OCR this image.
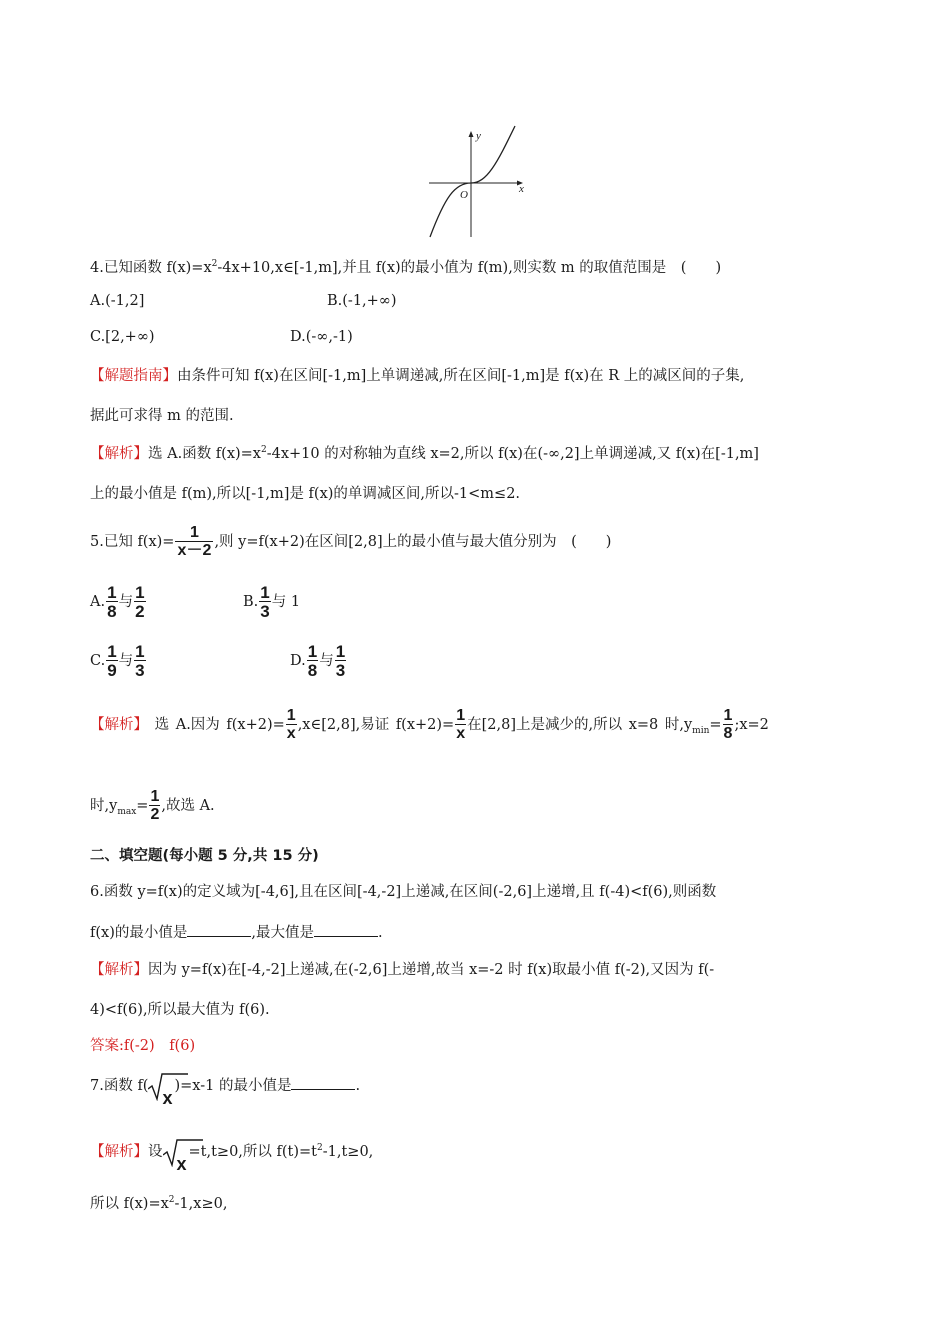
x
y
O
4.已知函数 $f(x)=x^2-4x+10,x\in[-1,m]$,并且 f(x)的最小值为 f(m),则实数 m 的取值范围是　(　　)
A.(-1,2]	B.(-1,+∞)
C.[2,+∞)	D.(-∞,-1)
【解题指南】由条件可知 f(x)在区间[-1,m]上单调递减,所在区间[-1,m]是 f(x)在 R 上的减区间的子集,
据此可求得 m 的范围.
【解析】选 A.函数 $f(x)=x^2-4x+10$ 的对称轴为直线 x=2,所以 f(x)在(-∞,2]上单调递减,又 f(x)在[-1,m]
上的最小值是 f(m),所以[-1,m]是 f(x)的单调减区间,所以-1<m≤2.
5.已知 $f(x)= \frac{1}{x-2}$ ,则 y=f(x+2)在区间[2,8]上的最小值与最大值分别为　(　　)
A. $\frac{1}{8}$ 与 $\frac{1}{2}$	B. $\frac{1}{3}$ 与 1
C. $\frac{1}{9}$ 与 $\frac{1}{3}$	D. $\frac{1}{8}$ 与 $\frac{1}{3}$
【解析】 选 A.因为 $f(x+2)= \frac{1}{x}$ ,x∈[2,8],易证 $f(x+2)= \frac{1}{x}$ 在[2,8]上是减少的,所以 x=8 时$,y_{min}= \frac{1}{8}$ ;x=2
时$,y_{max}= \frac{1}{2}$ ,故选 A.
二、填空题(每小题 5 分,共 15 分)
6.函数 y=f(x)的定义域为[-4,6],且在区间[-4,-2]上递减,在区间(-2,6]上递增,且 f(-4)<f(6),则函数
f(x)的最小值是	,最大值是	.
【解析】因为 y=f(x)在[-4,-2]上递减,在(-2,6]上递增,故当 x=-2 时 f(x)取最小值 f(-2),又因为 f(-
4)<f(6),所以最大值为 f(6).
答案:f(-2)　f(6)
7.函数 f(
x)=x-1 的最小值是	.
【解析】设
x=t,t≥0,所以 $f(t)=t^2-1,t\ge 0$,
所以 $f(x)=x^2-1,x\ge 0$,
